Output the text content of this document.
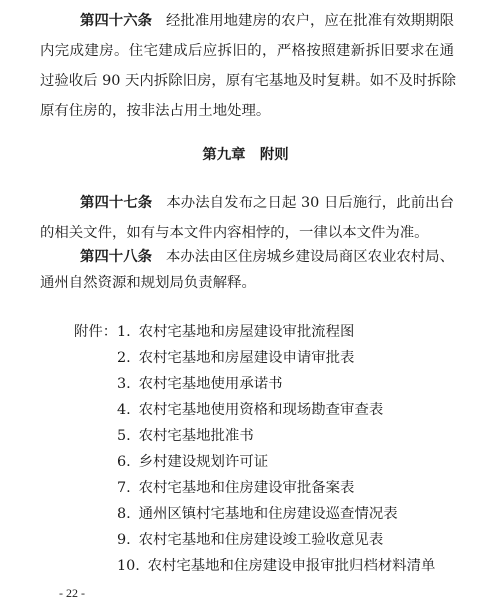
第四十六条 经批准用地建房的农户，应在批准有效期期限
内完成建房。住宅建成后应拆旧的，严格按照建新拆旧要求在通
过验收后 90 天内拆除旧房，原有宅基地及时复耕。如不及时拆除
原有住房的，按非法占用土地处理。
第九章　附则
第四十七条 本办法自发布之日起 30 日后施行，此前出台
的相关文件，如有与本文件内容相悖的，一律以本文件为准。
第四十八条 本办法由区住房城乡建设局商区农业农村局、
通州自然资源和规划局负责解释。
附件： 1. 农村宅基地和房屋建设审批流程图
2. 农村宅基地和房屋建设申请审批表
3. 农村宅基地使用承诺书
4. 农村宅基地使用资格和现场勘查审查表
5. 农村宅基地批准书
6. 乡村建设规划许可证
7. 农村宅基地和住房建设审批备案表
8. 通州区镇村宅基地和住房建设巡查情况表
9. 农村宅基地和住房建设竣工验收意见表
10. 农村宅基地和住房建设申报审批归档材料清单
- 22 -
